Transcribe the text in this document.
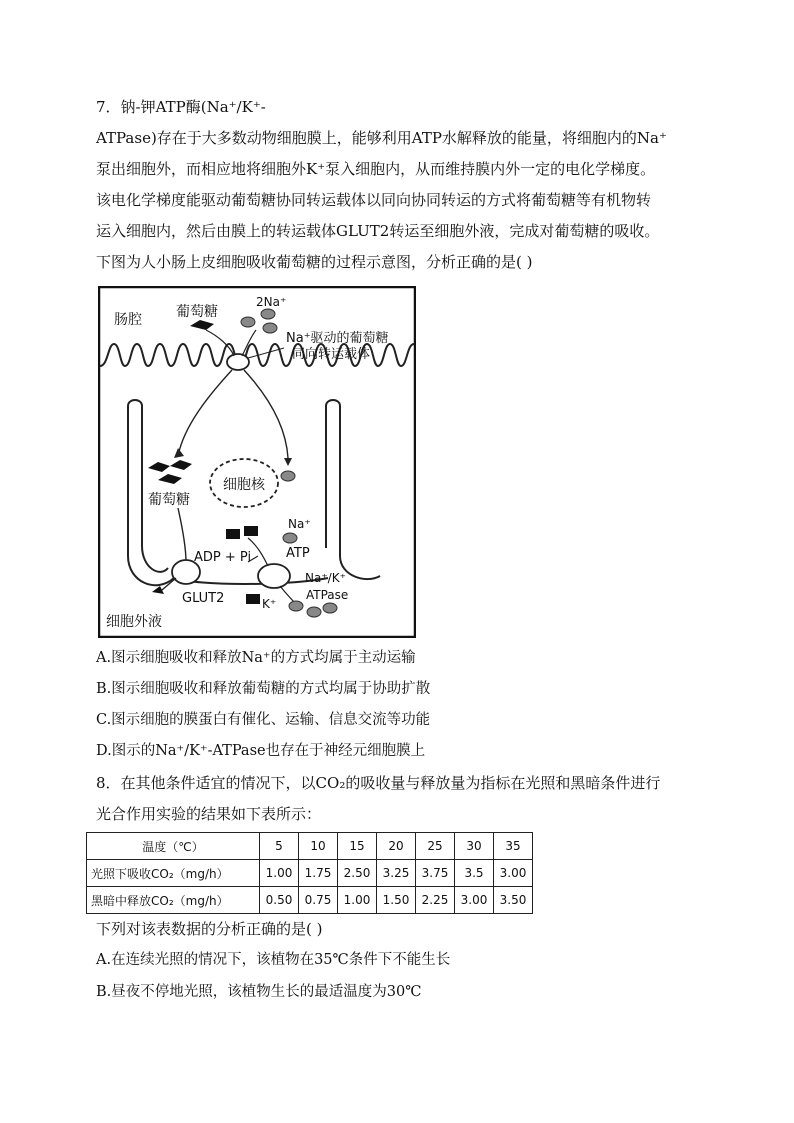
7．钠-钾ATP酶(Na⁺/K⁺-
ATPase)存在于大多数动物细胞膜上，能够利用ATP水解释放的能量，将细胞内的Na⁺
泵出细胞外，而相应地将细胞外K⁺泵入细胞内，从而维持膜内外一定的电化学梯度。
该电化学梯度能驱动葡萄糖协同转运载体以同向协同转运的方式将葡萄糖等有机物转
运入细胞内，然后由膜上的转运载体GLUT2转运至细胞外液，完成对葡萄糖的吸收。
下图为人小肠上皮细胞吸收葡萄糖的过程示意图，分析正确的是( )
细胞核
肠腔 葡萄糖
2Na⁺
Na⁺驱动的葡萄糖
同向转运载体
葡萄糖
GLUT2
Na⁺
ATP
ADP + Pi
Na⁺/K⁺
ATPase
K⁺
细胞外液
A.图示细胞吸收和释放Na⁺的方式均属于主动运输
B.图示细胞吸收和释放葡萄糖的方式均属于协助扩散
C.图示细胞的膜蛋白有催化、运输、信息交流等功能
D.图示的Na⁺/K⁺-ATPase也存在于神经元细胞膜上
8．在其他条件适宜的情况下，以CO₂的吸收量与释放量为指标在光照和黑暗条件进行
光合作用实验的结果如下表所示：
温度（℃）	5	10	15	20	25	30	35
光照下吸收CO₂（mg/h）	1.00	1.75	2.50	3.25	3.75	3.5	3.00
黑暗中释放CO₂（mg/h）	0.50	0.75	1.00	1.50	2.25	3.00	3.50
下列对该表数据的分析正确的是( )
A.在连续光照的情况下，该植物在35℃条件下不能生长
B.昼夜不停地光照，该植物生长的最适温度为30℃
